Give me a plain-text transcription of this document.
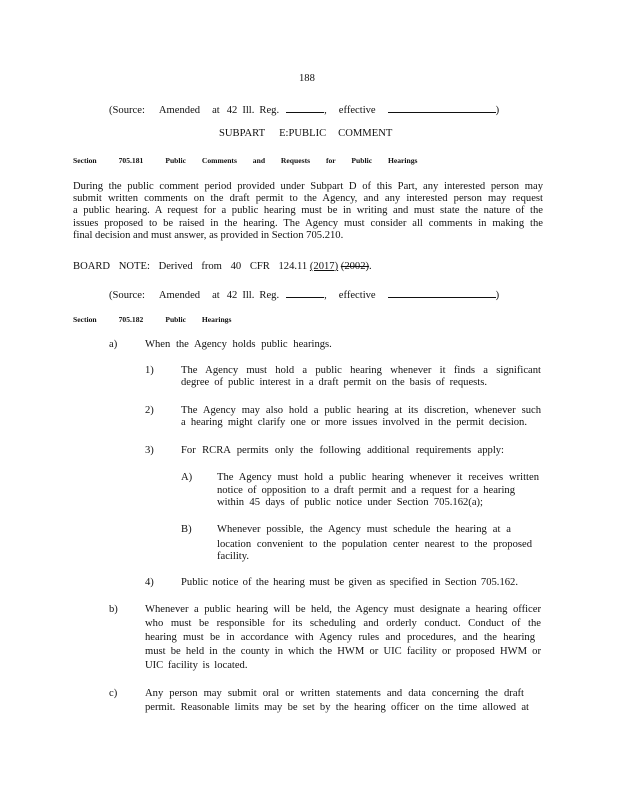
188
(Source: Amended at 42 Ill. Reg.	, effective	)
SUBPART E:PUBLIC COMMENT
Section	705.181	Public Comments and Requests for Public Hearings
During the public comment period provided under Subpart D of this Part, any interested person may
submit written comments on the draft permit to the Agency, and any interested person may request
a public hearing. A request for a public hearing must be in writing and must state the nature of the
issues proposed to be raised in the hearing. The Agency must consider all comments in making the
final decision and must answer, as provided in Section 705.210.
BOARD NOTE: Derived from 40 CFR 124.11 (2017) (2002).
(Source: Amended at 42 Ill. Reg.	, effective	)
Section	705.182	Public Hearings
a)	When the Agency holds public hearings.
1)	The Agency must hold a public hearing whenever it finds a significant
degree of public interest in a draft permit on the basis of requests.
2)	The Agency may also hold a public hearing at its discretion, whenever such
a hearing might clarify one or more issues involved in the permit decision.
3)	For RCRA permits only the following additional requirements apply:
A) The Agency must hold a public hearing whenever it receives written
notice of opposition to a draft permit and a request for a hearing
within 45 days of public notice under Section 705.162(a);
B) Whenever possible, the Agency must schedule the hearing at a
location convenient to the population center nearest to the proposed
facility.
4)	Public notice of the hearing must be given as specified in Section 705.162.
b)	Whenever a public hearing will be held, the Agency must designate a hearing officer
who must be responsible for its scheduling and orderly conduct. Conduct of the
hearing must be in accordance with Agency rules and procedures, and the hearing
must be held in the county in which the HWM or UIC facility or proposed HWM or
UIC facility is located.
c)	Any person may submit oral or written statements and data concerning the draft
permit. Reasonable limits may be set by the hearing officer on the time allowed at
